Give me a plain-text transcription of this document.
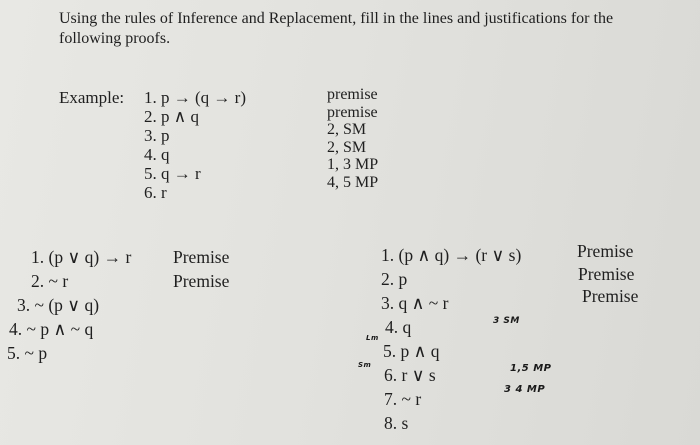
Using the rules of Inference and Replacement, fill in the lines and justifications for the following proofs.
Example: 1. p → (q → r)
2. p ∧ q
3. p
4. q
5. q → r
6. r
premise
premise
2, SM
2, SM
1, 3 MP
4, 5 MP
1. (p ∨ q) → r
2. ~ r
3. ~ (p ∨ q)
4. ~ p ∧ ~ q
5. ~ p
Premise
Premise
1. (p ∧ q) → (r ∨ s)
2. p
3. q ∧ ~ r
4. q
5. p ∧ q
6. r ∨ s
7. ~ r
8. s
Premise
Premise
Premise
3 SM
Lm
Sm	1,5 MP
3 4 MP
